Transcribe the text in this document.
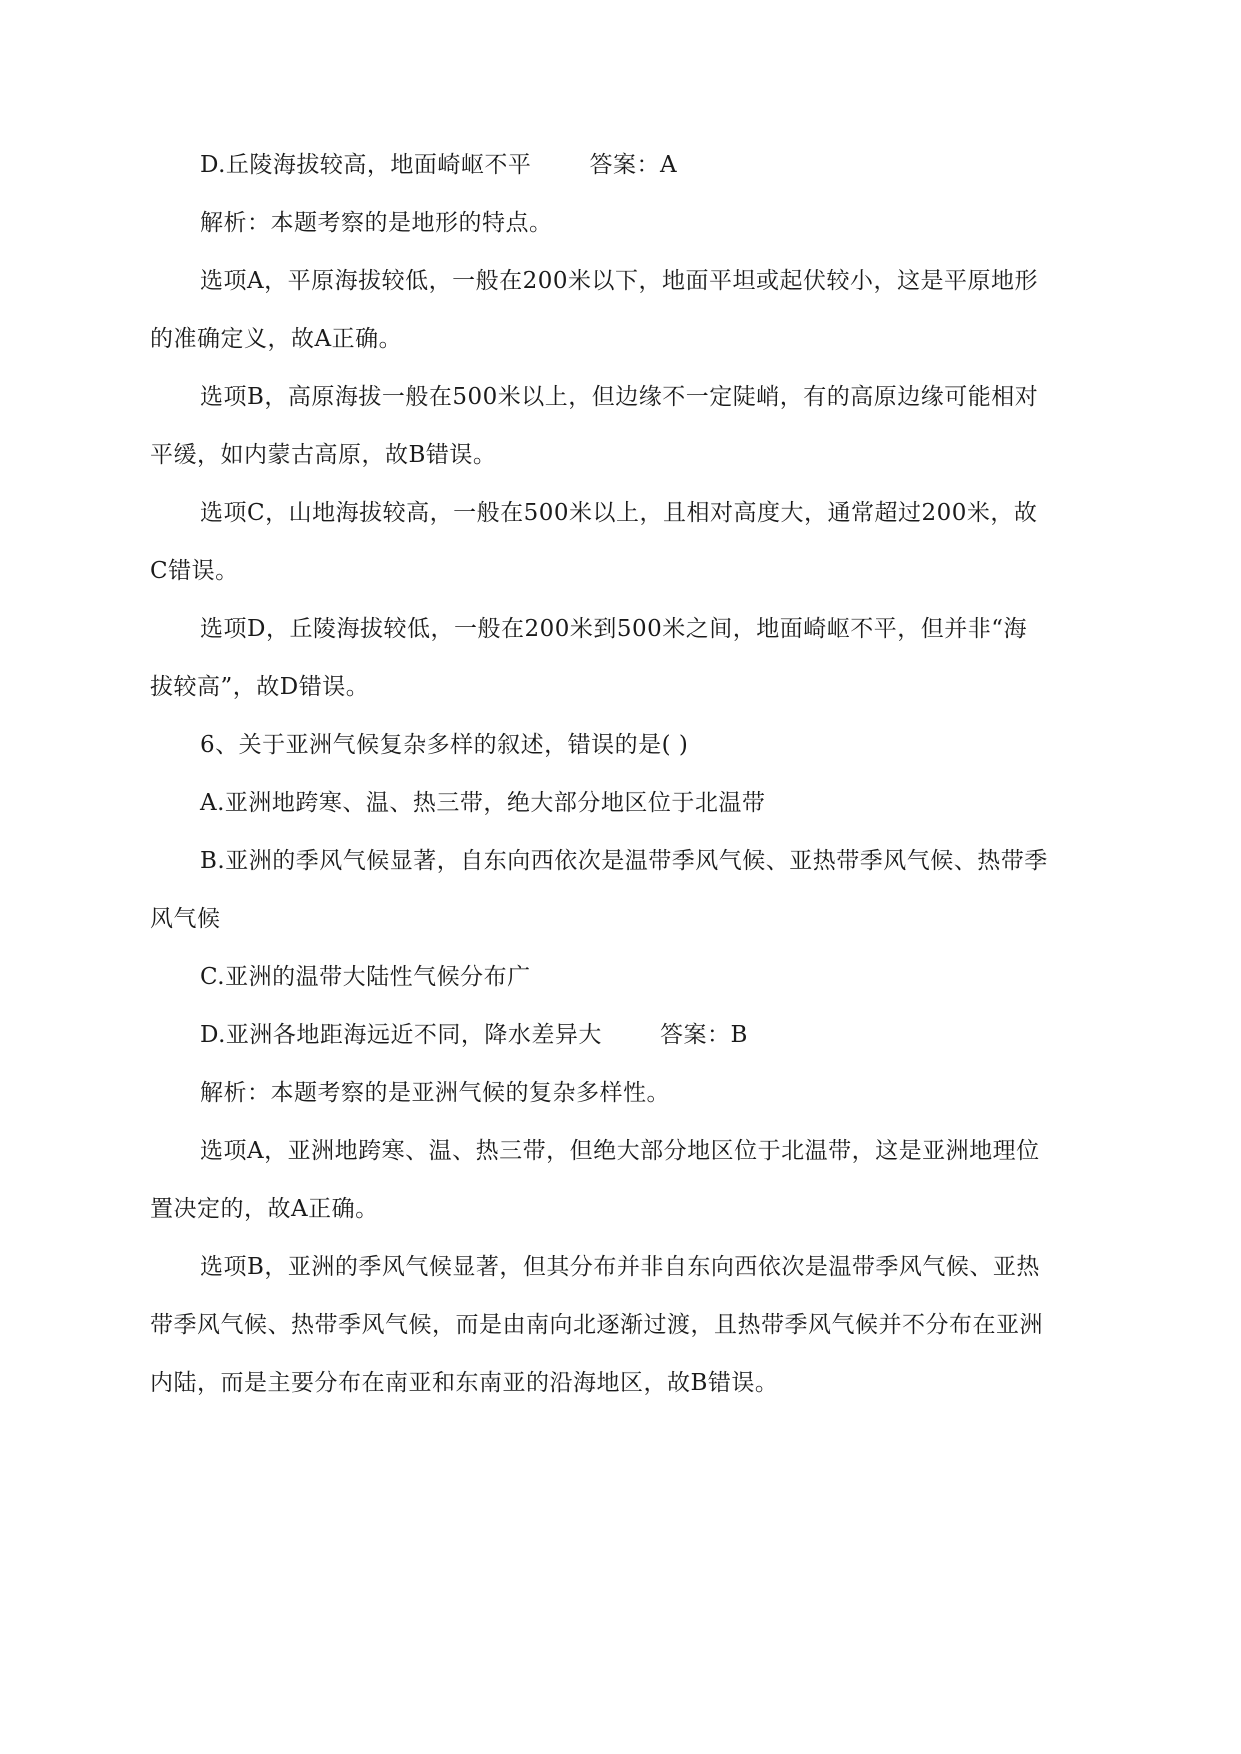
D.丘陵海拔较高，地面崎岖不平	答案：A
解析：本题考察的是地形的特点。
选项A，平原海拔较低，一般在200米以下，地面平坦或起伏较小，这是平原地形
的准确定义，故A正确。
选项B，高原海拔一般在500米以上，但边缘不一定陡峭，有的高原边缘可能相对
平缓，如内蒙古高原，故B错误。
选项C，山地海拔较高，一般在500米以上，且相对高度大，通常超过200米，故
C错误。
选项D，丘陵海拔较低，一般在200米到500米之间，地面崎岖不平，但并非“海
拔较高”，故D错误。
6、关于亚洲气候复杂多样的叙述，错误的是( )
A.亚洲地跨寒、温、热三带，绝大部分地区位于北温带
B.亚洲的季风气候显著，自东向西依次是温带季风气候、亚热带季风气候、热带季
风气候
C.亚洲的温带大陆性气候分布广
D.亚洲各地距海远近不同，降水差异大	答案：B
解析：本题考察的是亚洲气候的复杂多样性。
选项A，亚洲地跨寒、温、热三带，但绝大部分地区位于北温带，这是亚洲地理位
置决定的，故A正确。
选项B，亚洲的季风气候显著，但其分布并非自东向西依次是温带季风气候、亚热
带季风气候、热带季风气候，而是由南向北逐渐过渡，且热带季风气候并不分布在亚洲
内陆，而是主要分布在南亚和东南亚的沿海地区，故B错误。
